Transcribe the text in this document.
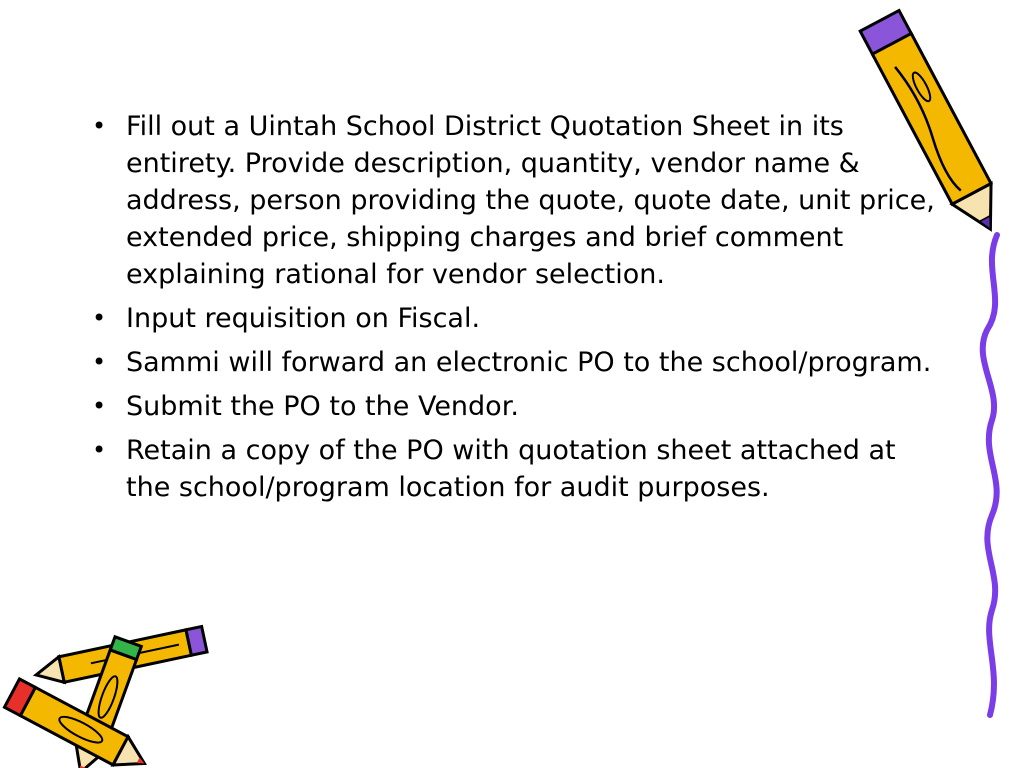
• Fill out a Uintah School District Quotation Sheet in its entirety. Provide description, quantity, vendor name & address, person providing the quote, quote date, unit price, extended price, shipping charges and brief comment explaining rational for vendor selection.
• Input requisition on Fiscal.
• Sammi will forward an electronic PO to the school/program.
• Submit the PO to the Vendor.
• Retain a copy of the PO with quotation sheet attached at the school/program location for audit purposes.
